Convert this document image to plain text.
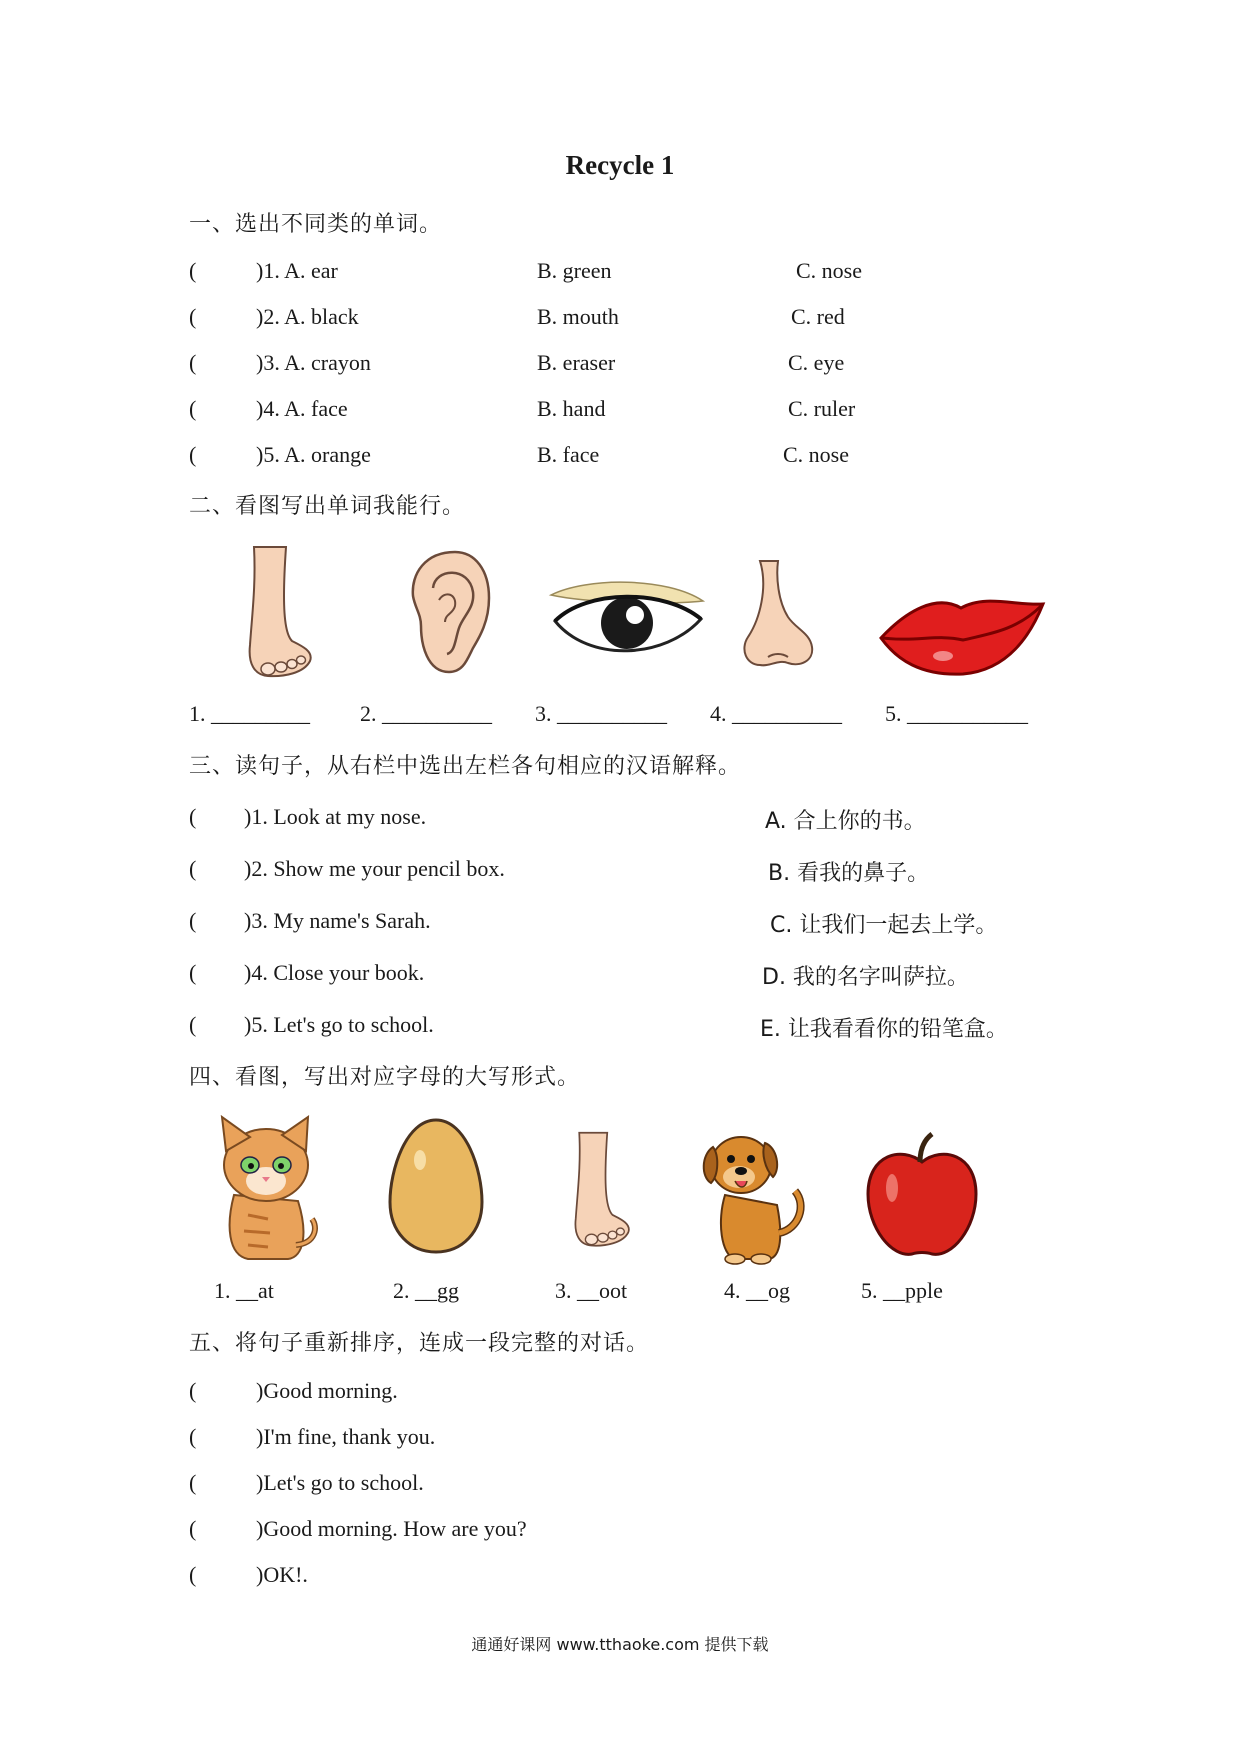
Recycle 1
一、选出不同类的单词。
(	)1. A. ear	B. green	C. nose
(	)2. A. black	B. mouth	C. red
(	)3. A. crayon	B. eraser	C. eye
(	)4. A. face	B. hand	C. ruler
(	)5. A. orange	B. face	C. nose
二、看图写出单词我能行。
1. _________ 2. __________ 3. __________ 4. __________ 5. ___________
三、读句子，从右栏中选出左栏各句相应的汉语解释。
( )1. Look at my nose.	A. 合上你的书。
( )2. Show me your pencil box.	B. 看我的鼻子。
( )3. My name's Sarah.	C. 让我们一起去上学。
( )4. Close your book.	D. 我的名字叫萨拉。
( )5. Let's go to school.	E. 让我看看你的铅笔盒。
四、看图，写出对应字母的大写形式。
1. __at	2. __gg	3. __oot	4. __og	5. __pple
五、将句子重新排序，连成一段完整的对话。
(	)Good morning.
(	)I'm fine, thank you.
(	)Let's go to school.
(	)Good morning. How are you?
(	)OK!.
通通好课网 www.tthaoke.com 提供下载
